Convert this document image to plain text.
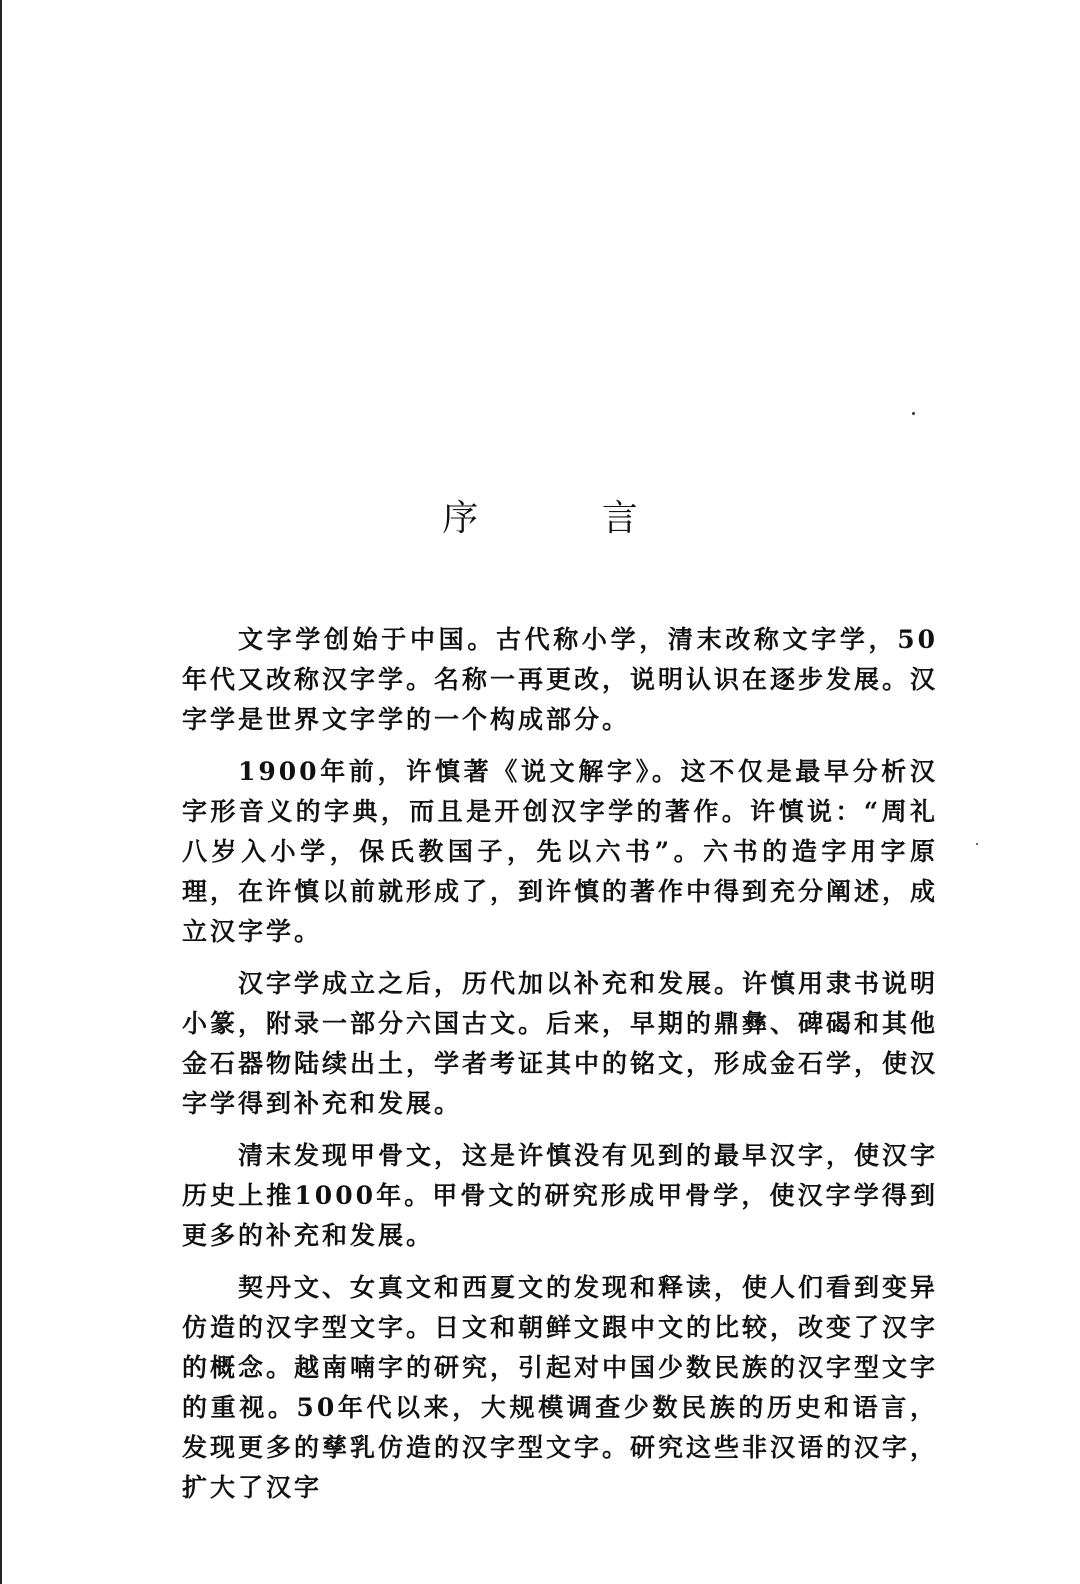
序 言

文字学创始于中国。古代称小学，清末改称文字学，50年代又改称汉字学。名称一再更改，说明认识在逐步发展。汉字学是世界文字学的一个构成部分。

1900年前，许慎著《说文解字》。这不仅是最早分析汉字形音义的字典，而且是开创汉字学的著作。许慎说：“周礼八岁入小学，保氏教国子，先以六书”。六书的造字用字原理，在许慎以前就形成了，到许慎的著作中得到充分阐述，成立汉字学。

汉字学成立之后，历代加以补充和发展。许慎用隶书说明小篆，附录一部分六国古文。后来，早期的鼎彝、碑碣和其他金石器物陆续出土，学者考证其中的铭文，形成金石学，使汉字学得到补充和发展。

清末发现甲骨文，这是许慎没有见到的最早汉字，使汉字历史上推1000年。甲骨文的研究形成甲骨学，使汉字学得到更多的补充和发展。

契丹文、女真文和西夏文的发现和释读，使人们看到变异仿造的汉字型文字。日文和朝鲜文跟中文的比较，改变了汉字的概念。越南喃字的研究，引起对中国少数民族的汉字型文字的重视。50年代以来，大规模调查少数民族的历史和语言，发现更多的孳乳仿造的汉字型文字。研究这些非汉语的汉字，扩大了汉字
